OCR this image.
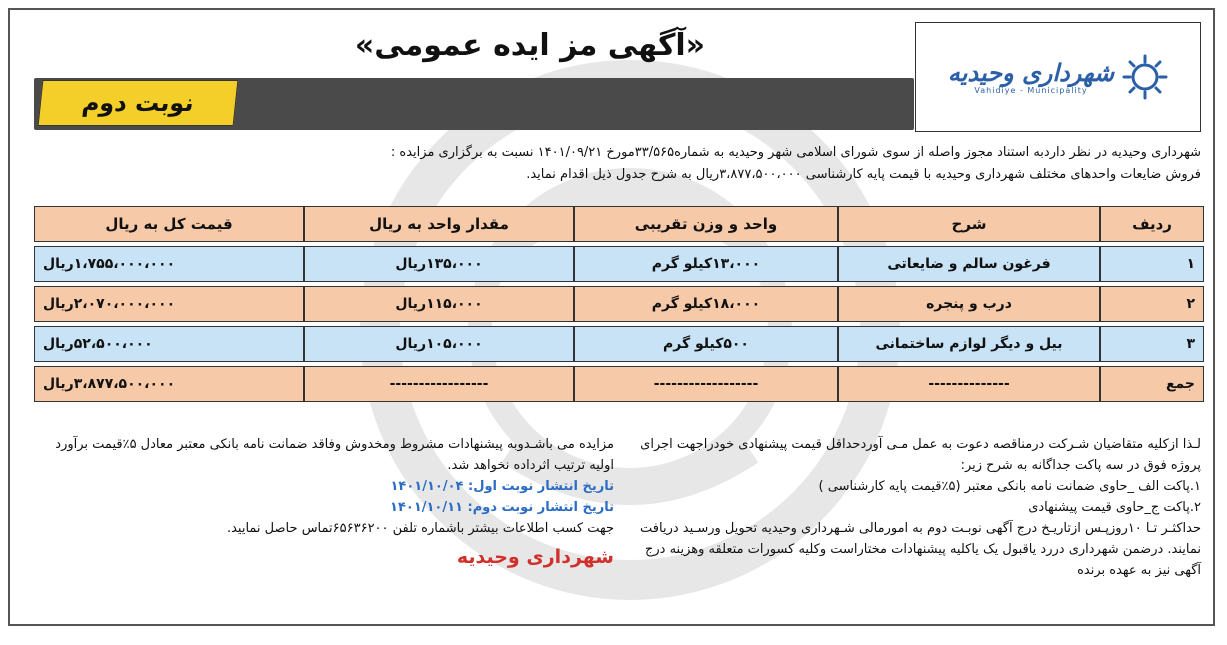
شهرداری وحیدیه
Vahidiye - Municipality
«آگهی مز ایده عمومی»
نوبت دوم

شهرداری وحیدیه در نظر داردبه استناد مجوز واصله از سوی شورای اسلامی شهر وحیدیه به شماره۳۳/۵۶۵مورخ ۱۴۰۱/۰۹/۲۱ نسبت به برگزاری مزایده :

فروش ضایعات واحدهای مختلف شهرداری وحیدیه با قیمت پایه کارشناسی ۳،۸۷۷،۵۰۰،۰۰۰ریال به شرح جدول ذیل اقدام نماید.

ردیف	شرح	واحد و وزن تقریبی	مقدار واحد به ریال	قیمت کل به ریال
۱	فرغون سالم و ضایعاتی	۱۳،۰۰۰کیلو گرم	۱۳۵،۰۰۰ریال	۱،۷۵۵،۰۰۰،۰۰۰ریال
۲	درب و پنجره	۱۸،۰۰۰کیلو گرم	۱۱۵،۰۰۰ریال	۲،۰۷۰،۰۰۰،۰۰۰ریال
۳	بیل و دیگر لوازم ساختمانی	۵۰۰کیلو گرم	۱۰۵،۰۰۰ریال	۵۲،۵۰۰،۰۰۰ریال
جمع	--------------	------------------	-----------------	۳،۸۷۷،۵۰۰،۰۰۰ریال

لـذا ازکلیه متقاضیان شـرکت درمناقصه دعوت به عمل مـی آوردحداقل قیمت پیشنهادی خودراجهت اجرای پروژه فوق در سه پاکت جداگانه به شرح زیر:

۱.پاکت الف _حاوی ضمانت نامه بانکی معتبر (۵٪قیمت پایه کارشناسی )

۲.پاکت ج_حاوی قیمت پیشنهادی

حداکثـر تـا ۱۰روزپـس ازتاریـخ درج آگهی نوبـت دوم به امورمالی شـهرداری وحیدیه تحویل ورسـید دریافت نمایند. درضمن شهرداری دررد یاقبول یک یاکلیه پیشنهادات مختاراست وکلیه کسورات متعلقه وهزینه درج آگهی نیز به عهده برنده

مزایده می باشـدوبه پیشنهادات مشروط ومخدوش وفاقد ضمانت نامه بانکی معتبر معادل ۵٪قیمت برآورد اولیه ترتیب اثرداده نخواهد شد.

تاریخ انتشار نوبت اول: ۱۴۰۱/۱۰/۰۴

تاریخ انتشار نوبت دوم: ۱۴۰۱/۱۰/۱۱

جهت کسب اطلاعات بیشتر باشماره تلفن ۶۵۶۳۶۲۰۰تماس حاصل نمایید.

شهرداری وحیدیه
